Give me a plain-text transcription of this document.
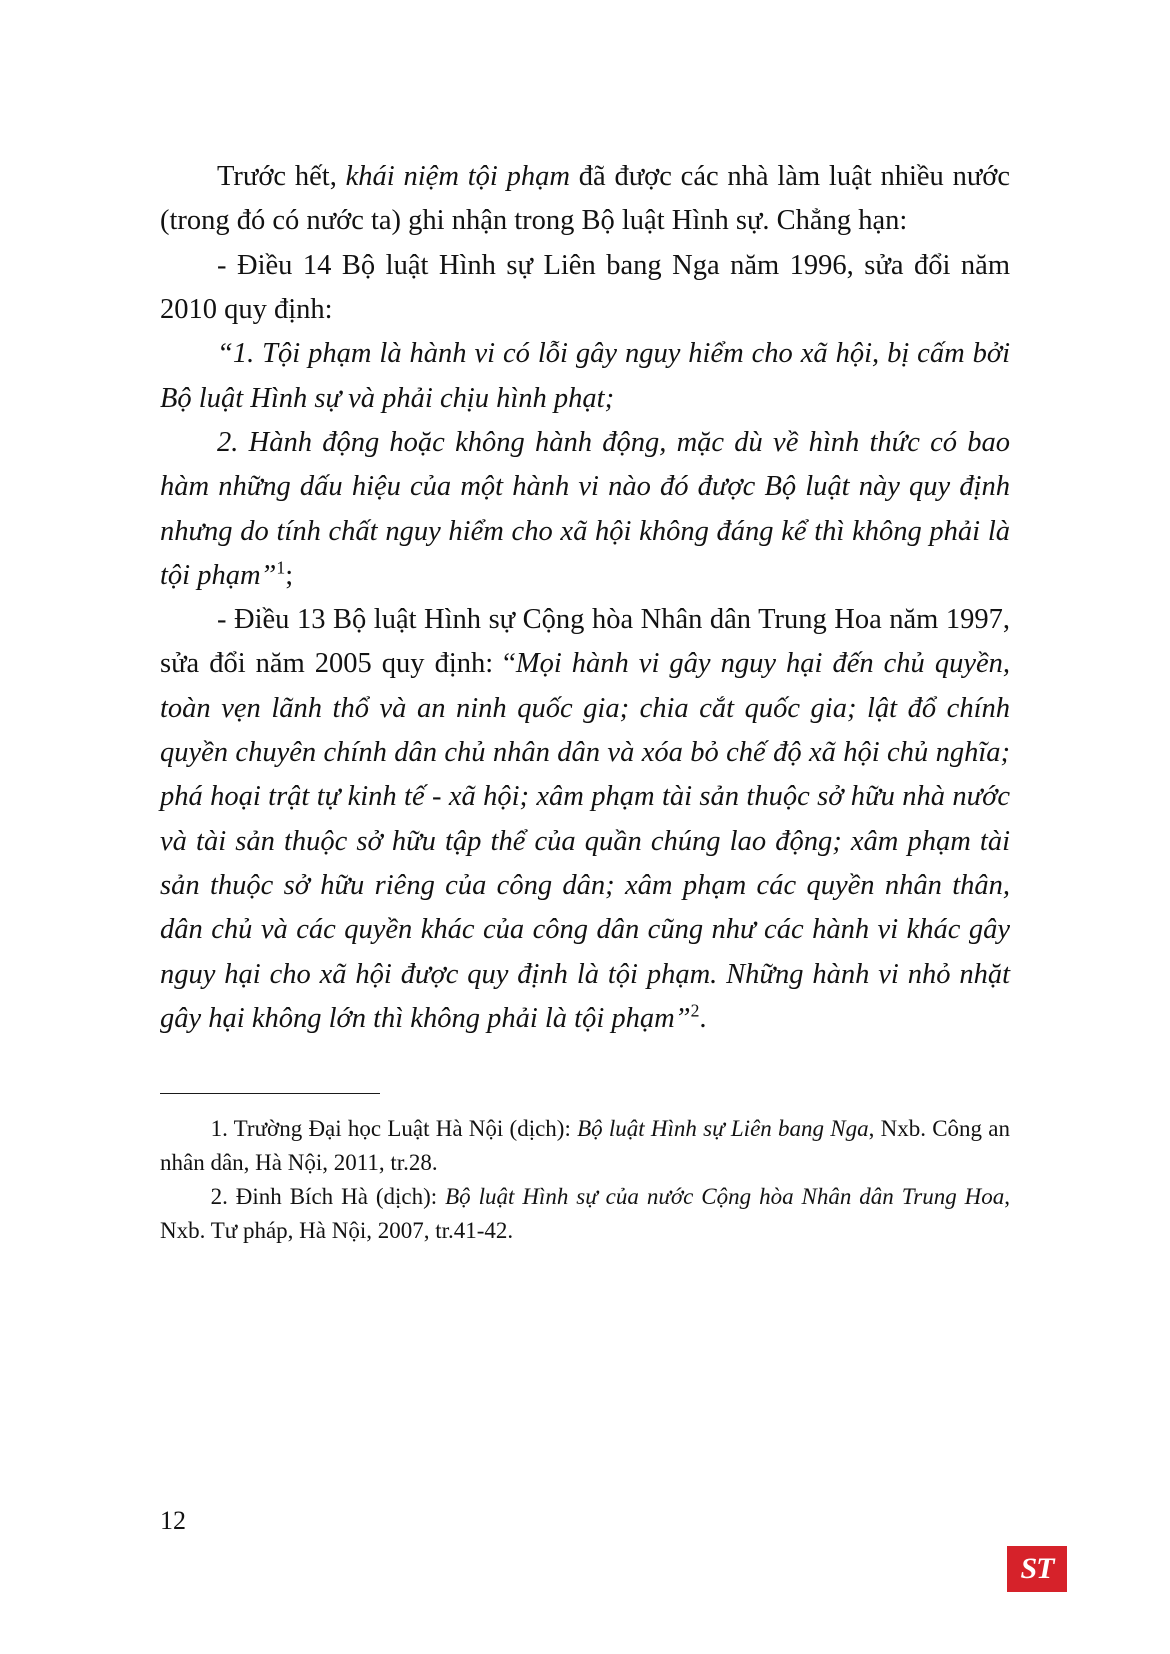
Trước hết, khái niệm tội phạm đã được các nhà làm luật nhiều nước (trong đó có nước ta) ghi nhận trong Bộ luật Hình sự. Chẳng hạn:

- Điều 14 Bộ luật Hình sự Liên bang Nga năm 1996, sửa đổi năm 2010 quy định:

“1. Tội phạm là hành vi có lỗi gây nguy hiểm cho xã hội, bị cấm bởi Bộ luật Hình sự và phải chịu hình phạt;

2. Hành động hoặc không hành động, mặc dù về hình thức có bao hàm những dấu hiệu của một hành vi nào đó được Bộ luật này quy định nhưng do tính chất nguy hiểm cho xã hội không đáng kể thì không phải là tội phạm”$^1$;

- Điều 13 Bộ luật Hình sự Cộng hòa Nhân dân Trung Hoa năm 1997, sửa đổi năm 2005 quy định: “Mọi hành vi gây nguy hại đến chủ quyền, toàn vẹn lãnh thổ và an ninh quốc gia; chia cắt quốc gia; lật đổ chính quyền chuyên chính dân chủ nhân dân và xóa bỏ chế độ xã hội chủ nghĩa; phá hoại trật tự kinh tế - xã hội; xâm phạm tài sản thuộc sở hữu nhà nước và tài sản thuộc sở hữu tập thể của quần chúng lao động; xâm phạm tài sản thuộc sở hữu riêng của công dân; xâm phạm các quyền nhân thân, dân chủ và các quyền khác của công dân cũng như các hành vi khác gây nguy hại cho xã hội được quy định là tội phạm. Những hành vi nhỏ nhặt gây hại không lớn thì không phải là tội phạm”$^2$.

1. Trường Đại học Luật Hà Nội (dịch): Bộ luật Hình sự Liên bang Nga, Nxb. Công an nhân dân, Hà Nội, 2011, tr.28.

2. Đinh Bích Hà (dịch): Bộ luật Hình sự của nước Cộng hòa Nhân dân Trung Hoa, Nxb. Tư pháp, Hà Nội, 2007, tr.41-42.

12
ST
